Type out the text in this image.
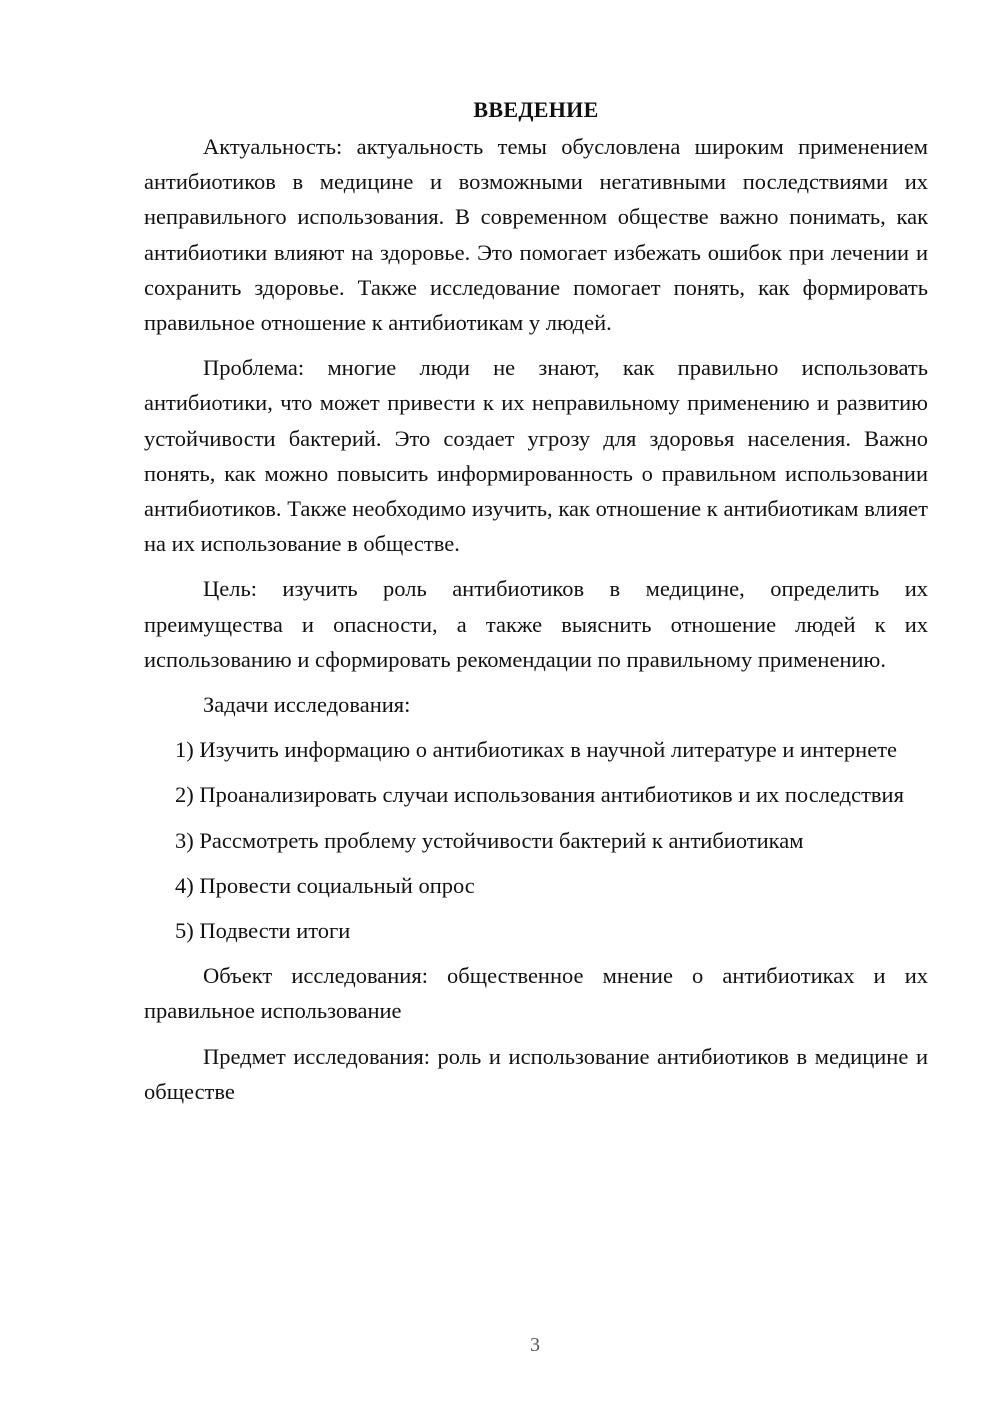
ВВЕДЕНИЕ

Актуальность: актуальность темы обусловлена широким применением антибиотиков в медицине и возможными негативными последствиями их неправильного использования. В современном обществе важно понимать, как антибиотики влияют на здоровье. Это помогает избежать ошибок при лечении и сохранить здоровье. Также исследование помогает понять, как формировать правильное отношение к антибиотикам у людей.

Проблема: многие люди не знают, как правильно использовать антибиотики, что может привести к их неправильному применению и развитию устойчивости бактерий. Это создает угрозу для здоровья населения. Важно понять, как можно повысить информированность о правильном использовании антибиотиков. Также необходимо изучить, как отношение к антибиотикам влияет на их использование в обществе.

Цель: изучить роль антибиотиков в медицине, определить их преимущества и опасности, а также выяснить отношение людей к их использованию и сформировать рекомендации по правильному применению.

Задачи исследования:

1) Изучить информацию о антибиотиках в научной литературе и интернете

2) Проанализировать случаи использования антибиотиков и их последствия

3) Рассмотреть проблему устойчивости бактерий к антибиотикам

4) Провести социальный опрос

5) Подвести итоги

Объект исследования: общественное мнение о антибиотиках и их правильное использование

Предмет исследования: роль и использование антибиотиков в медицине и обществе

3
